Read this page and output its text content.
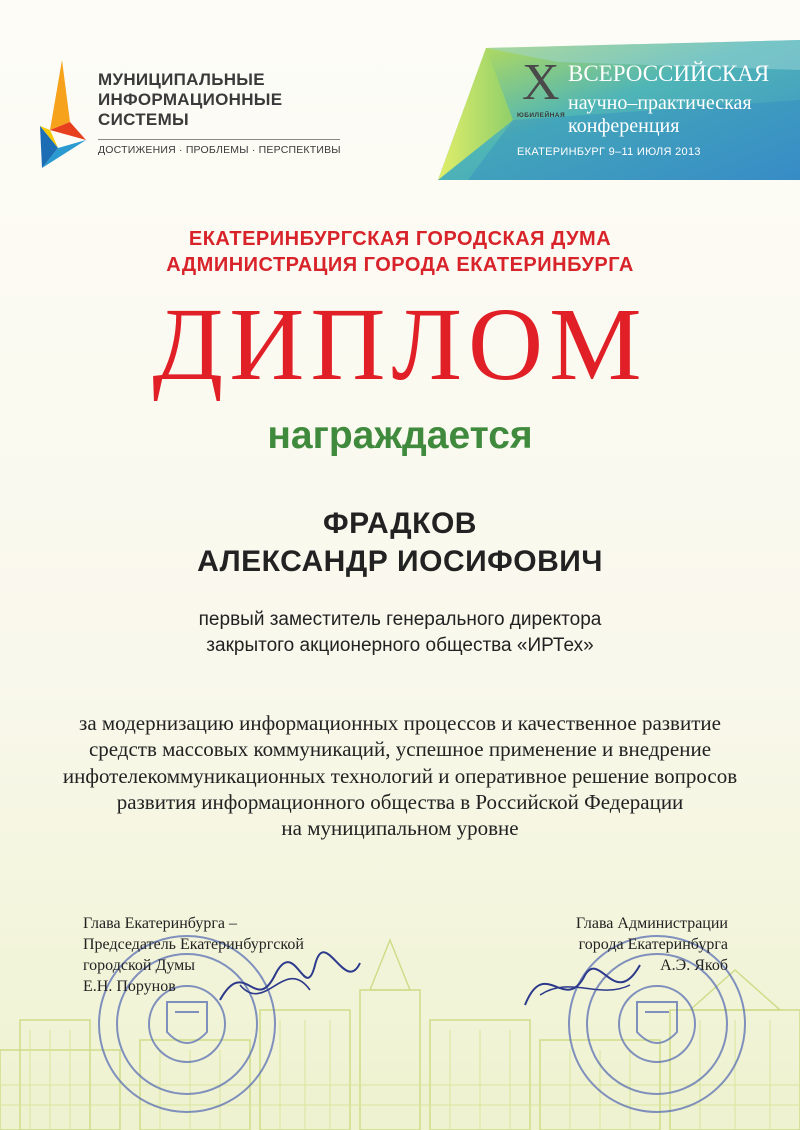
МУНИЦИПАЛЬНЫЕ
ИНФОРМАЦИОННЫЕ
СИСТЕМЫ
ДОСТИЖЕНИЯ · ПРОБЛЕМЫ · ПЕРСПЕКТИВЫ
X
ЮБИЛЕЙНАЯ
ВСЕРОССИЙСКАЯ
научно–практическая
конференция
ЕКАТЕРИНБУРГ 9–11 ИЮЛЯ 2013
ЕКАТЕРИНБУРГСКАЯ ГОРОДСКАЯ ДУМА
АДМИНИСТРАЦИЯ ГОРОДА ЕКАТЕРИНБУРГА
ДИПЛОМ
награждается
ФРАДКОВ
АЛЕКСАНДР ИОСИФОВИЧ
первый заместитель генерального директора
закрытого акционерного общества «ИРТех»
за модернизацию информационных процессов и качественное развитие
средств массовых коммуникаций, успешное применение и внедрение
инфотелекоммуникационных технологий и оперативное решение вопросов
развития информационного общества в Российской Федерации
на муниципальном уровне
Глава Екатеринбурга –
Председатель Екатеринбургской
городской Думы
Е.Н. Порунов
Глава Администрации
города Екатеринбурга
А.Э. Якоб
